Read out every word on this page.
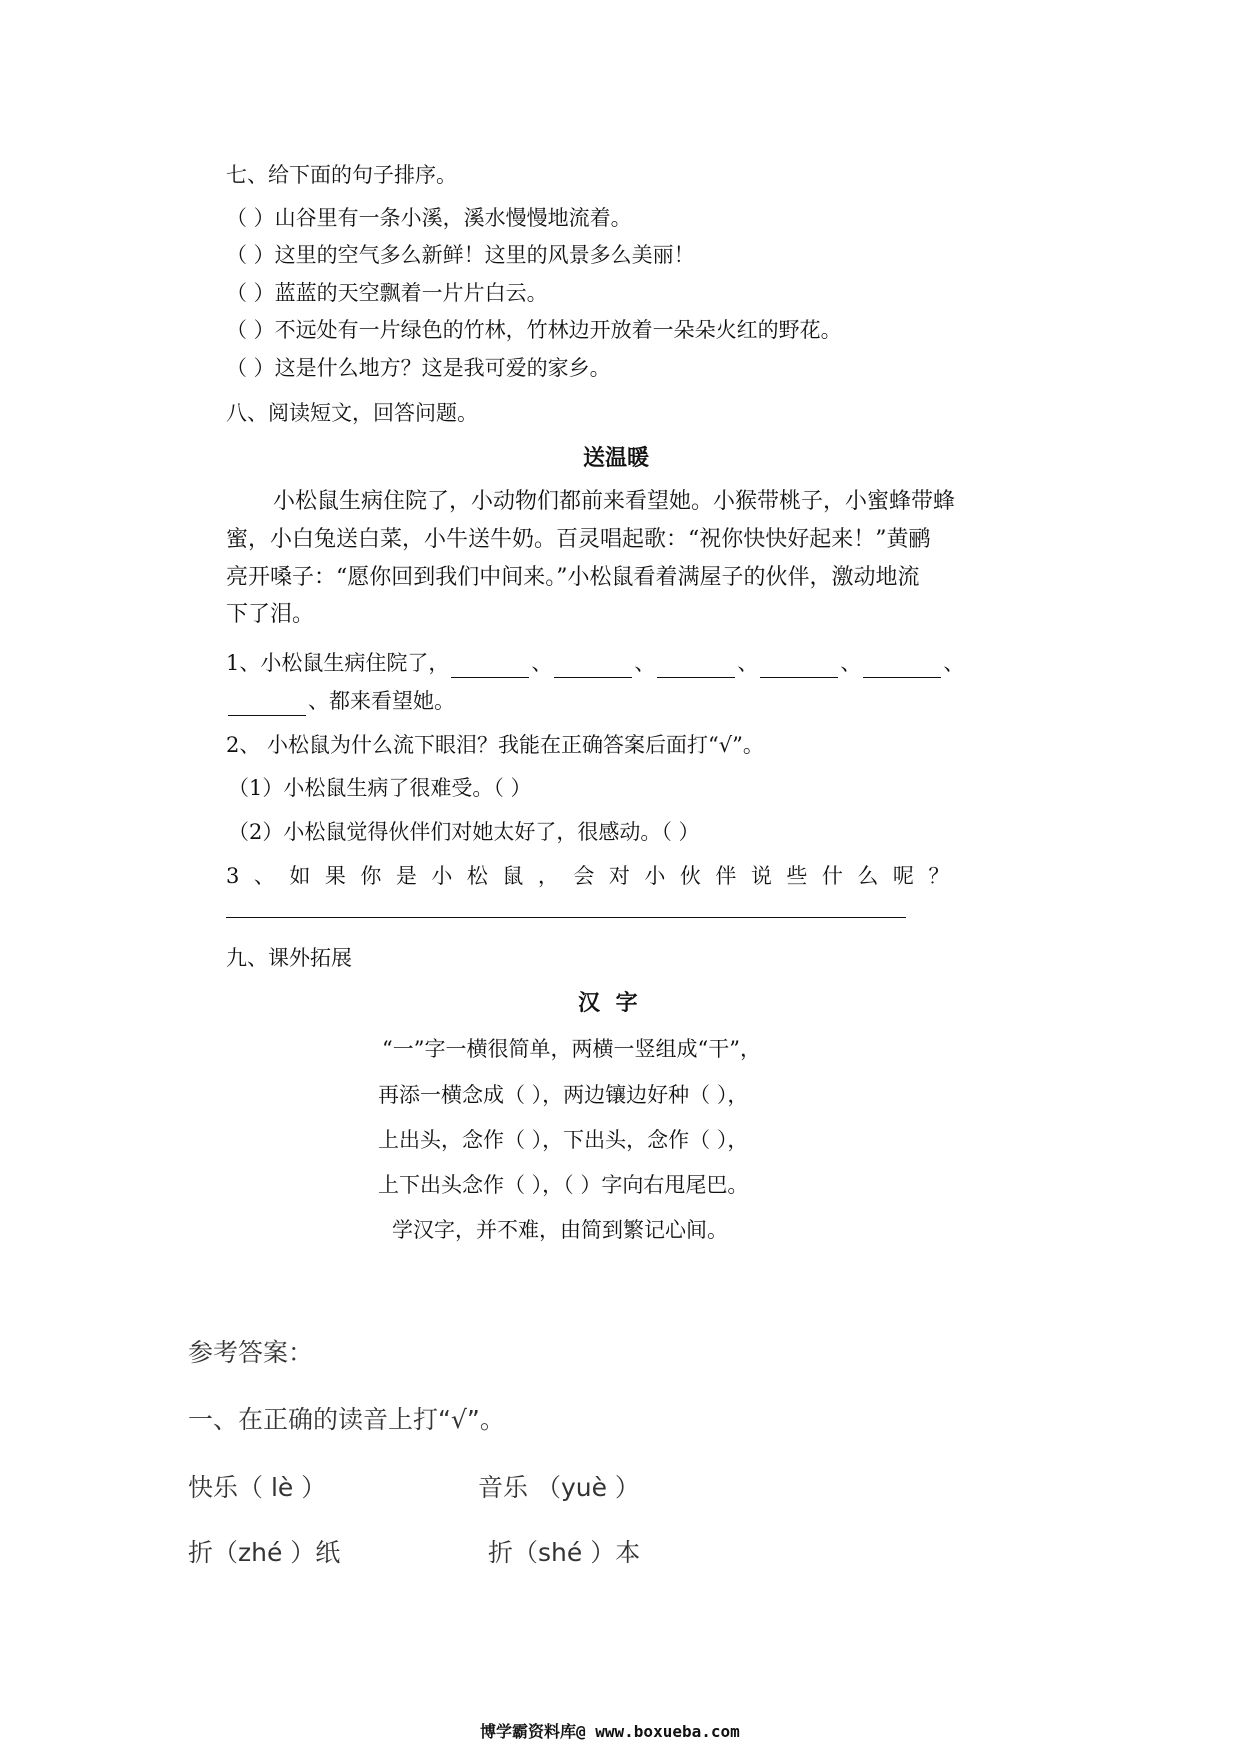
七、给下面的句子排序。
（ ）山谷里有一条小溪，溪水慢慢地流着。
（ ）这里的空气多么新鲜！这里的风景多么美丽！
（ ）蓝蓝的天空飘着一片片白云。
（ ）不远处有一片绿色的竹林，竹林边开放着一朵朵火红的野花。
（ ）这是什么地方？这是我可爱的家乡。
八、阅读短文，回答问题。
送温暖
小松鼠生病住院了，小动物们都前来看望她。小猴带桃子，小蜜蜂带蜂
蜜，小白兔送白菜，小牛送牛奶。百灵唱起歌：“祝你快快好起来！”黄鹂
亮开嗓子：“愿你回到我们中间来。”小松鼠看着满屋子的伙伴，激动地流
下了泪。
1、小松鼠生病住院了，	、	、	、	、	、
、都来看望她。
2、 小松鼠为什么流下眼泪？我能在正确答案后面打“√”。
（1）小松鼠生病了很难受。（ ）
（2）小松鼠觉得伙伴们对她太好了，很感动。（ ）
3、如果你是小松鼠，会对小伙伴说些什么呢？
九、课外拓展
汉 字
“一”字一横很简单，两横一竖组成“干”，
再添一横念成（ ），两边镶边好种（ ），
上出头，念作（ ），下出头，念作（ ），
上下出头念作（ ），（ ）字向右甩尾巴。
学汉字，并不难，由简到繁记心间。
参考答案：
一、在正确的读音上打“√”。
快乐（ lè ）	音乐 （yuè ）
折（zhé ）纸	折（shé ）本
博学霸资料库@ www.boxueba.com
